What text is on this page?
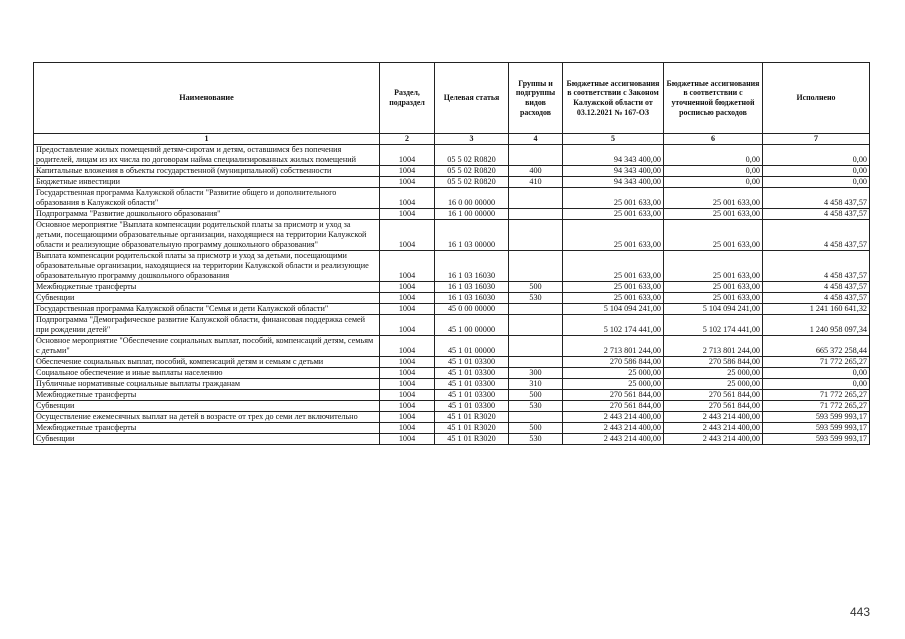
Наименование	Раздел, подраздел	Целевая статья	Группы и подгруппы видов расходов	Бюджетные ассигнования в соответствии с Законом Калужской области от 03.12.2021 № 167-ОЗ	Бюджетные ассигнования в соответствии с уточненной бюджетной росписью расходов	Исполнено
1	2	3	4	5	6	7
Предоставление жилых помещений детям-сиротам и детям, оставшимся без попечения родителей, лицам из их числа по договорам найма специализированных жилых помещений	1004	05 5 02 R0820		94 343 400,00	0,00	0,00
Капитальные вложения в объекты государственной (муниципальной) собственности	1004	05 5 02 R0820	400	94 343 400,00	0,00	0,00
Бюджетные инвестиции	1004	05 5 02 R0820	410	94 343 400,00	0,00	0,00
Государственная программа Калужской области "Развитие общего и дополнительного образования в Калужской области"	1004	16 0 00 00000		25 001 633,00	25 001 633,00	4 458 437,57
Подпрограмма "Развитие дошкольного образования"	1004	16 1 00 00000		25 001 633,00	25 001 633,00	4 458 437,57
Основное мероприятие "Выплата компенсации родительской платы за присмотр и уход за детьми, посещающими образовательные организации, находящиеся на территории Калужской области и реализующие образовательную программу дошкольного образования"	1004	16 1 03 00000		25 001 633,00	25 001 633,00	4 458 437,57
Выплата компенсации родительской платы за присмотр и уход за детьми, посещающими образовательные организации, находящиеся на территории Калужской области и реализующие образовательную программу дошкольного образования	1004	16 1 03 16030		25 001 633,00	25 001 633,00	4 458 437,57
Межбюджетные трансферты	1004	16 1 03 16030	500	25 001 633,00	25 001 633,00	4 458 437,57
Субвенции	1004	16 1 03 16030	530	25 001 633,00	25 001 633,00	4 458 437,57
Государственная программа Калужской области "Семья и дети Калужской области"	1004	45 0 00 00000		5 104 094 241,00	5 104 094 241,00	1 241 160 641,32
Подпрограмма "Демографическое развитие Калужской области, финансовая поддержка семей при рождении детей"	1004	45 1 00 00000		5 102 174 441,00	5 102 174 441,00	1 240 958 097,34
Основное мероприятие "Обеспечение социальных выплат, пособий, компенсаций детям, семьям с детьми"	1004	45 1 01 00000		2 713 801 244,00	2 713 801 244,00	665 372 258,44
Обеспечение социальных выплат, пособий, компенсаций детям и семьям с детьми	1004	45 1 01 03300		270 586 844,00	270 586 844,00	71 772 265,27
Социальное обеспечение и иные выплаты населению	1004	45 1 01 03300	300	25 000,00	25 000,00	0,00
Публичные нормативные социальные выплаты гражданам	1004	45 1 01 03300	310	25 000,00	25 000,00	0,00
Межбюджетные трансферты	1004	45 1 01 03300	500	270 561 844,00	270 561 844,00	71 772 265,27
Субвенции	1004	45 1 01 03300	530	270 561 844,00	270 561 844,00	71 772 265,27
Осуществление ежемесячных выплат на детей в возрасте от трех до семи лет включительно	1004	45 1 01 R3020		2 443 214 400,00	2 443 214 400,00	593 599 993,17
Межбюджетные трансферты	1004	45 1 01 R3020	500	2 443 214 400,00	2 443 214 400,00	593 599 993,17
Субвенции	1004	45 1 01 R3020	530	2 443 214 400,00	2 443 214 400,00	593 599 993,17
443
